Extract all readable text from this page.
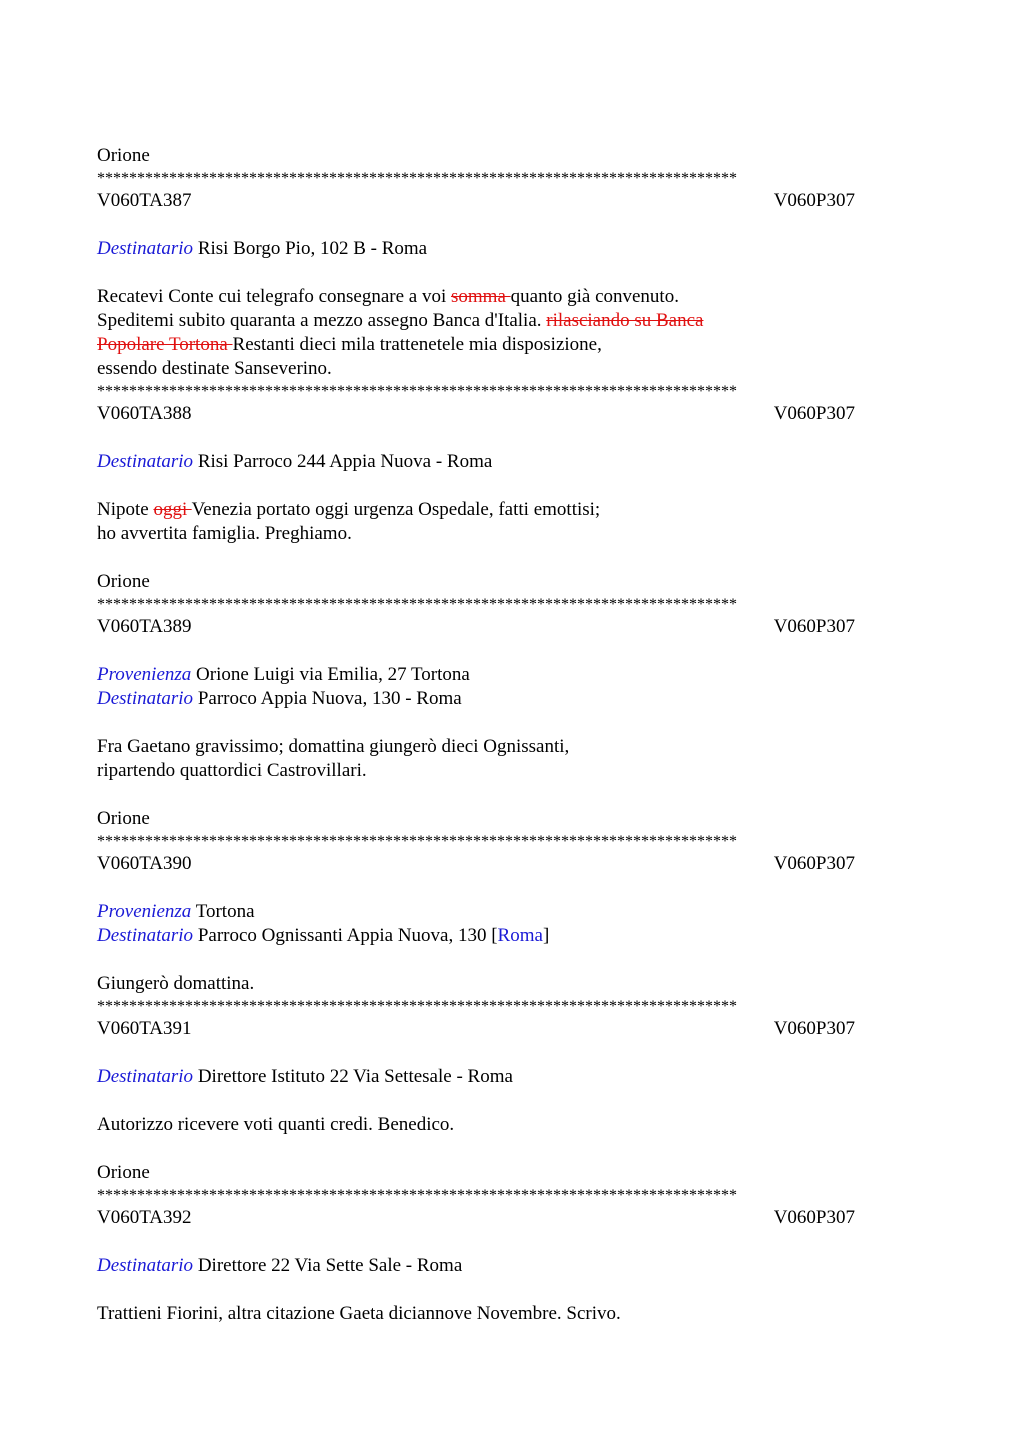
Orione
********************************************************************************
V060TA387	V060P307
Destinatario Risi Borgo Pio, 102 B - Roma
Recatevi Conte cui telegrafo consegnare a voi somma quanto già convenuto.
Speditemi subito quaranta a mezzo assegno Banca d'Italia. rilasciando su Banca
Popolare Tortona Restanti dieci mila trattenetele mia disposizione,
essendo destinate Sanseverino.
********************************************************************************
V060TA388	V060P307
Destinatario Risi Parroco 244 Appia Nuova - Roma
Nipote oggi Venezia portato oggi urgenza Ospedale, fatti emottisi;
ho avvertita famiglia. Preghiamo.
Orione
********************************************************************************
V060TA389	V060P307
Provenienza Orione Luigi via Emilia, 27 Tortona
Destinatario Parroco Appia Nuova, 130 - Roma
Fra Gaetano gravissimo; domattina giungerò dieci Ognissanti,
ripartendo quattordici Castrovillari.
Orione
********************************************************************************
V060TA390	V060P307
Provenienza Tortona
Destinatario Parroco Ognissanti Appia Nuova, 130 [Roma]
Giungerò domattina.
********************************************************************************
V060TA391	V060P307
Destinatario Direttore Istituto 22 Via Settesale - Roma
Autorizzo ricevere voti quanti credi. Benedico.
Orione
********************************************************************************
V060TA392	V060P307
Destinatario Direttore 22 Via Sette Sale - Roma
Trattieni Fiorini, altra citazione Gaeta diciannove Novembre. Scrivo.
